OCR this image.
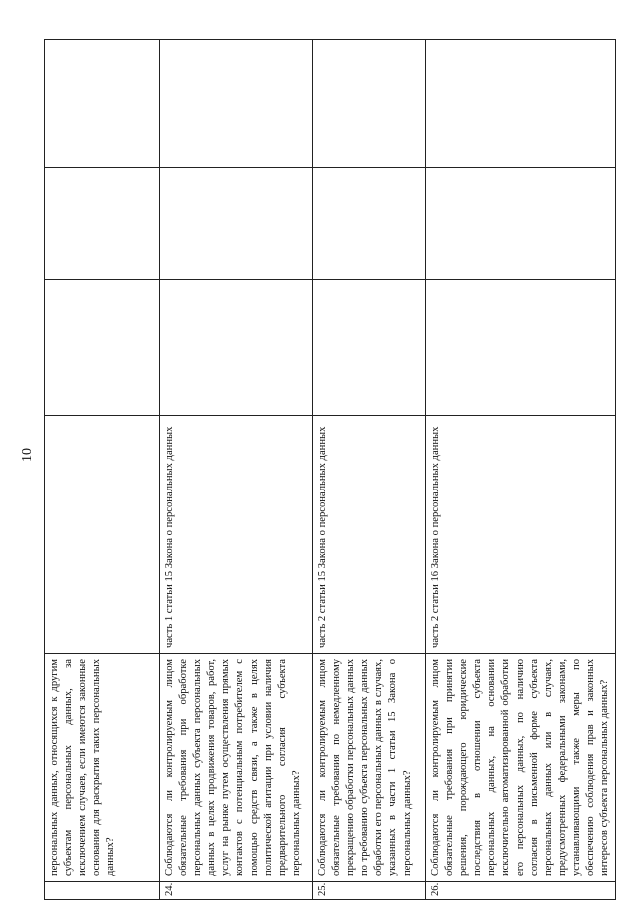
10
	персональных данных, относящихся к другим субъектам персональных данных, за исключением случаев, если имеются законные основания для раскрытия таких персональных данных?				
24.	Соблюдаются ли контролируемым лицом обязательные требования при обработке персональных данных субъекта персональных данных в целях продвижения товаров, работ, услуг на рынке путем осуществления прямых контактов с потенциальным потребителем с помощью средств связи, а также в целях политической агитации при условии наличия предварительного согласия субъекта персональных данных?	часть 1 статьи 15 Закона о персональных данных			
25.	Соблюдаются ли контролируемым лицом обязательные требования по немедленному прекращению обработки персональных данных по требованию субъекта персональных данных обработки его персональных данных в случаях, указанных в части 1 статьи 15 Закона о персональных данных?	часть 2 статьи 15 Закона о персональных данных			
26.	Соблюдаются ли контролируемым лицом обязательные требования при принятии решения, порождающего юридические последствия в отношении субъекта персональных данных, на основании исключительно автоматизированной обработки его персональных данных, по наличию согласия в письменной форме субъекта персональных данных или в случаях, предусмотренных федеральными законами, устанавливающими также меры по обеспечению соблюдения прав и законных интересов субъекта персональных данных?	часть 2 статьи 16 Закона о персональных данных			
